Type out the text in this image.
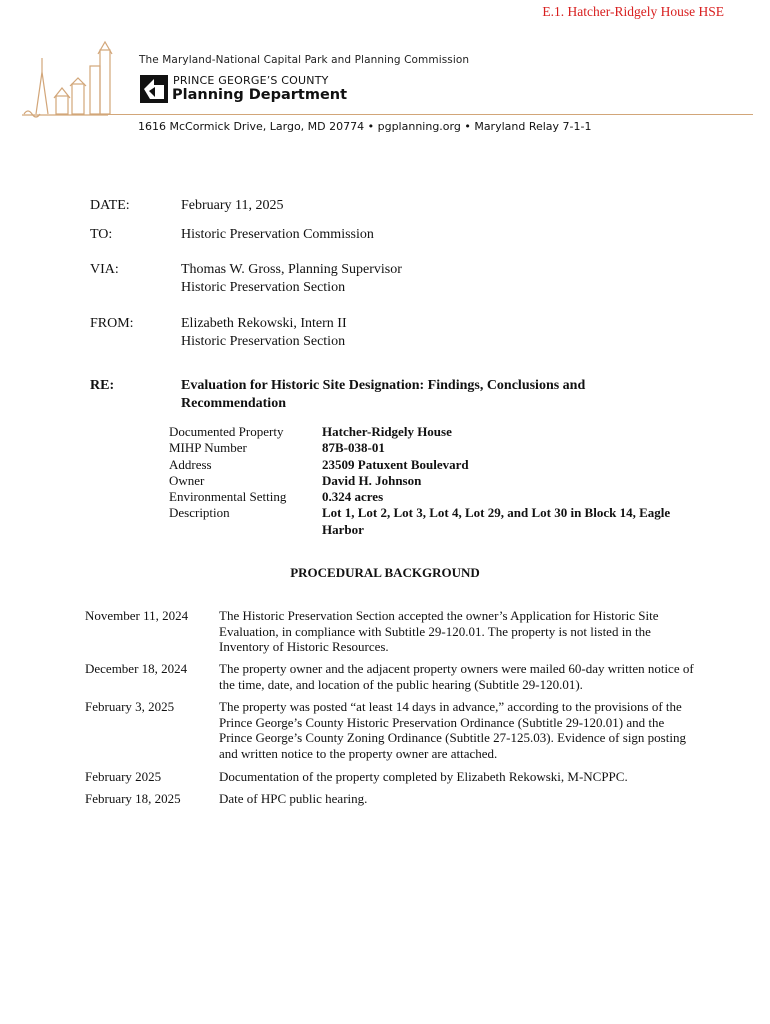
E.1. Hatcher-Ridgely House HSE
The Maryland-National Capital Park and Planning Commission
PRINCE GEORGE’S COUNTY
Planning Department
1616 McCormick Drive, Largo, MD 20774 • pgplanning.org • Maryland Relay 7-1-1
DATE:	February 11, 2025
TO:	Historic Preservation Commission
VIA:	Thomas W. Gross, Planning Supervisor
Historic Preservation Section
FROM:	Elizabeth Rekowski, Intern II
Historic Preservation Section
RE:	Evaluation for Historic Site Designation: Findings, Conclusions and Recommendation
Documented Property	Hatcher-Ridgely House
MIHP Number	87B-038-01
Address	23509 Patuxent Boulevard
Owner	David H. Johnson
Environmental Setting	0.324 acres
Description	Lot 1, Lot 2, Lot 3, Lot 4, Lot 29, and Lot 30 in Block 14, Eagle Harbor
PROCEDURAL BACKGROUND
November 11, 2024	The Historic Preservation Section accepted the owner’s Application for Historic Site Evaluation, in compliance with Subtitle 29-120.01. The property is not listed in the Inventory of Historic Resources.
December 18, 2024	The property owner and the adjacent property owners were mailed 60-day written notice of the time, date, and location of the public hearing (Subtitle 29-120.01).
February 3, 2025	The property was posted “at least 14 days in advance,” according to the provisions of the Prince George’s County Historic Preservation Ordinance (Subtitle 29-120.01) and the Prince George’s County Zoning Ordinance (Subtitle 27-125.03). Evidence of sign posting and written notice to the property owner are attached.
February 2025	Documentation of the property completed by Elizabeth Rekowski, M-NCPPC.
February 18, 2025	Date of HPC public hearing.
